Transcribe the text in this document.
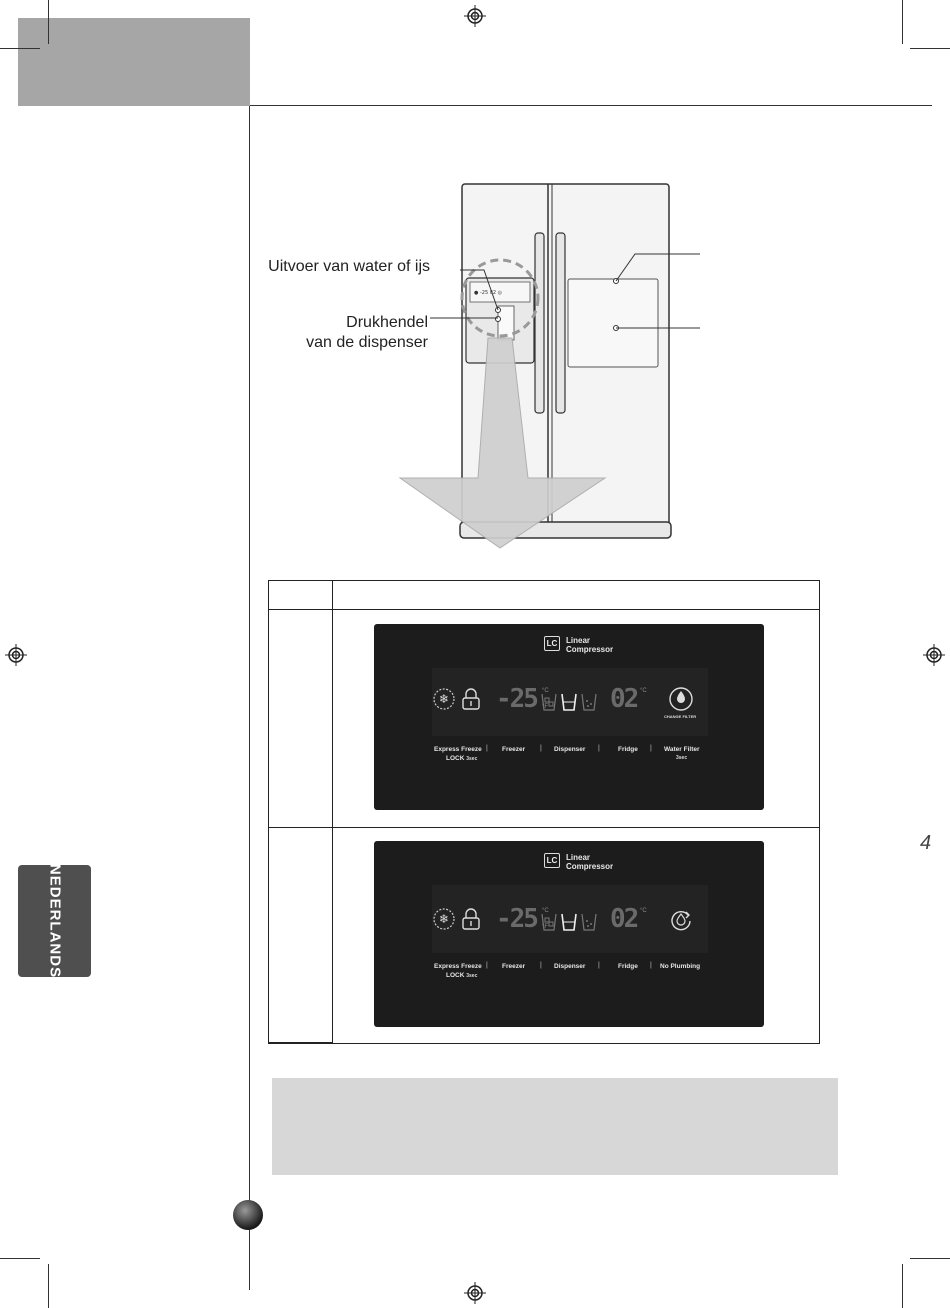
NEDERLANDS
4
● -25 02 ◎
Uitvoer van water of ijs
Drukhendel
van de dispenser
LC	Linear
Compressor
❄ -25 °C
°F 02 °C
CHANGE FILTER
Express Freeze
LOCK 3sec
| Freezer | Dispenser |	Fridge | Water Filter
3sec
LC	Linear
Compressor
❄ -25 °C
°F 02 °C
Express Freeze
LOCK 3sec
| Freezer | Dispenser |	Fridge | No Plumbing
